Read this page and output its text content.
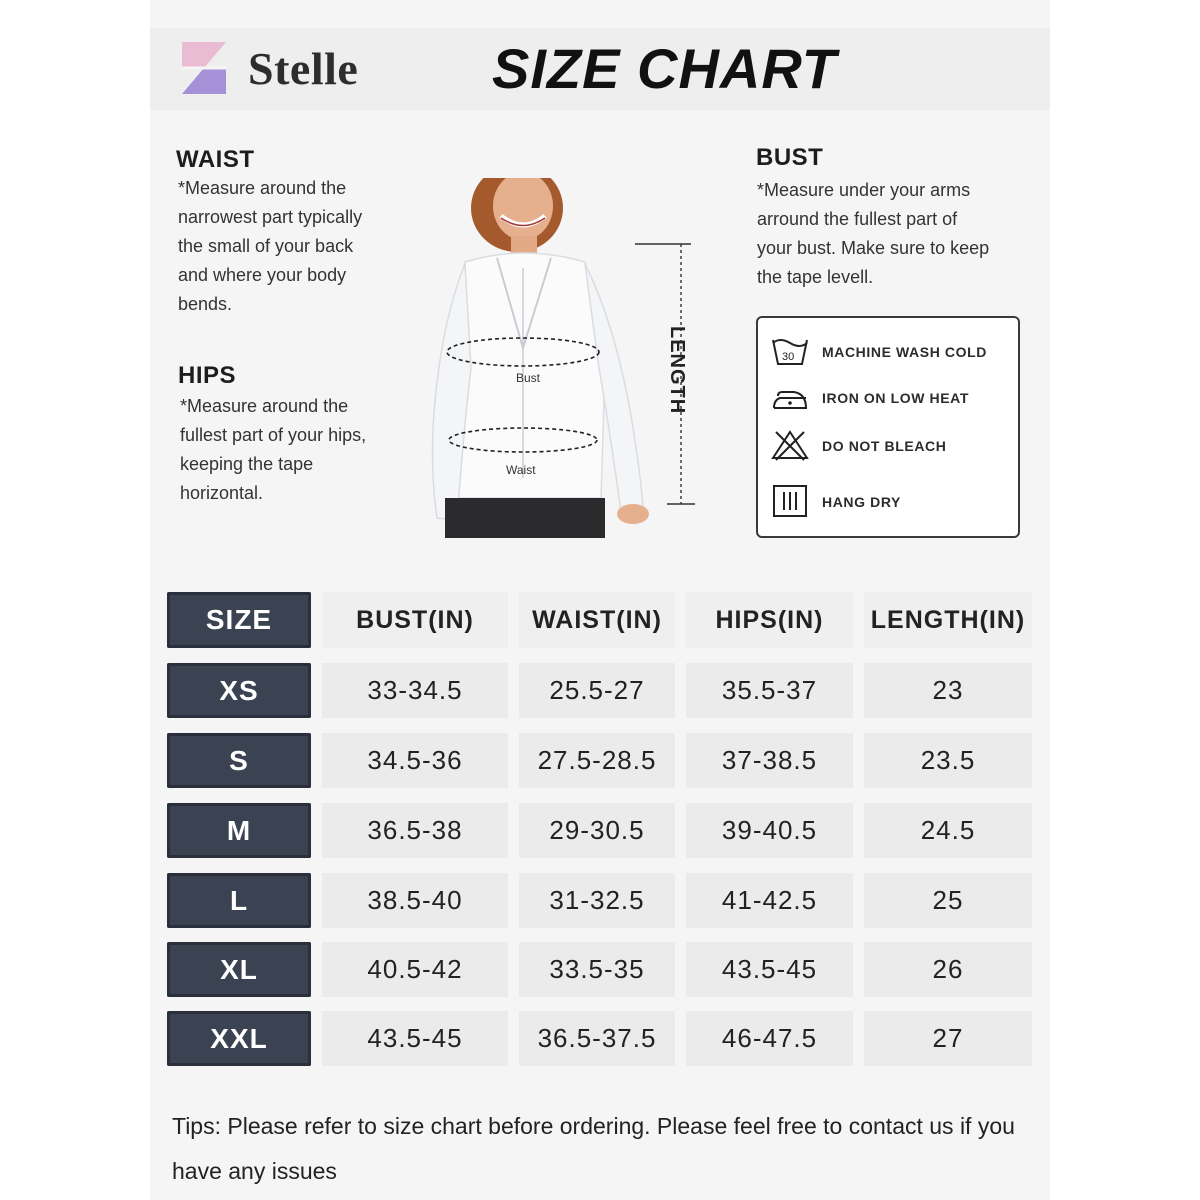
Stelle SIZE CHART
WAIST
*Measure around the
narrowest part typically
the small of your back
and where your body
bends.
HIPS
*Measure around the
fullest part of your hips,
keeping the tape
horizontal.
BUST
*Measure under your arms
arround the fullest part of
your bust. Make sure to keep
the tape levell.
Bust
Waist
LENGTH	30 MACHINE WASH COLD
IRON ON LOW HEAT
DO NOT BLEACH
HANG DRY
SIZE	BUST(IN)	WAIST(IN)	HIPS(IN)	LENGTH(IN)
XS	33-34.5	25.5-27	35.5-37	23
S	34.5-36	27.5-28.5	37-38.5	23.5
M	36.5-38	29-30.5	39-40.5	24.5
L	38.5-40	31-32.5	41-42.5	25
XL	40.5-42	33.5-35	43.5-45	26
XXL	43.5-45	36.5-37.5	46-47.5	27
Tips: Please refer to size chart before ordering. Please feel free to contact us if you have any issues
